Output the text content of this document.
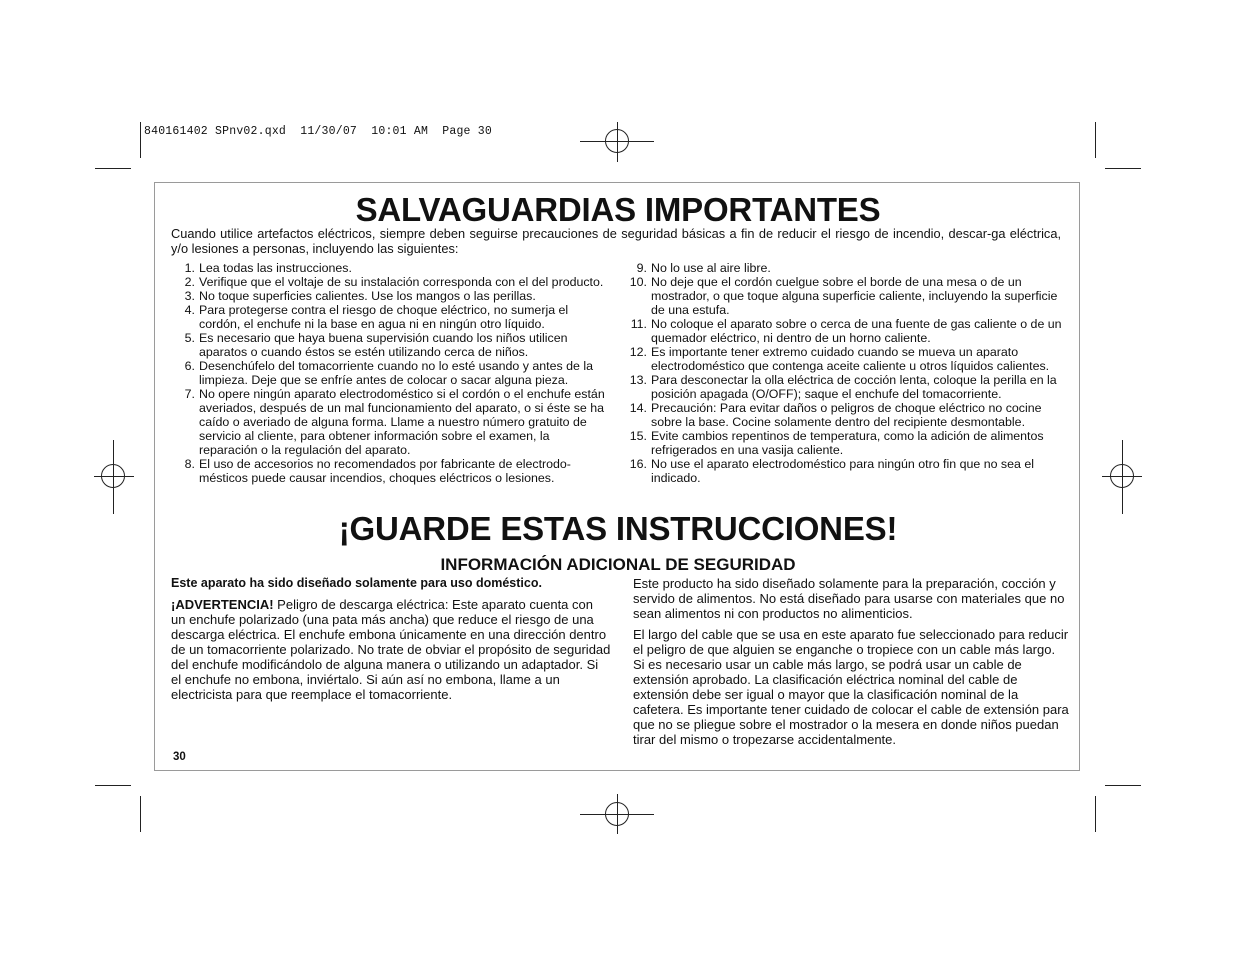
840161402 SPnv02.qxd  11/30/07  10:01 AM  Page 30
SALVAGUARDIAS IMPORTANTES
Cuando utilice artefactos eléctricos, siempre deben seguirse precauciones de seguridad básicas a fin de reducir el riesgo de incendio, descar-ga eléctrica, y/o lesiones a personas, incluyendo las siguientes:
1. Lea todas las instrucciones.
2. Verifique que el voltaje de su instalación corresponda con el del producto.
3. No toque superficies calientes. Use los mangos o las perillas.
4. Para protegerse contra el riesgo de choque eléctrico, no sumerja el cordón, el enchufe ni la base en agua ni en ningún otro líquido.
5. Es necesario que haya buena supervisión cuando los niños utilicen aparatos o cuando éstos se estén utilizando cerca de niños.
6. Desenchúfelo del tomacorriente cuando no lo esté usando y antes de la limpieza. Deje que se enfríe antes de colocar o sacar alguna pieza.
7. No opere ningún aparato electrodoméstico si el cordón o el enchufe están averiados, después de un mal funcionamiento del aparato, o si éste se ha caído o averiado de alguna forma. Llame a nuestro número gratuito de servicio al cliente, para obtener información sobre el examen, la reparación o la regulación del aparato.
8. El uso de accesorios no recomendados por fabricante de electrodo-mésticos puede causar incendios, choques eléctricos o lesiones.
9. No lo use al aire libre.
10. No deje que el cordón cuelgue sobre el borde de una mesa o de un mostrador, o que toque alguna superficie caliente, incluyendo la superficie de una estufa.
11. No coloque el aparato sobre o cerca de una fuente de gas caliente o de un quemador eléctrico, ni dentro de un horno caliente.
12. Es importante tener extremo cuidado cuando se mueva un aparato electrodoméstico que contenga aceite caliente u otros líquidos calientes.
13. Para desconectar la olla eléctrica de cocción lenta, coloque la perilla en la posición apagada (O/OFF); saque el enchufe del tomacorriente.
14. Precaución: Para evitar daños o peligros de choque eléctrico no cocine sobre la base. Cocine solamente dentro del recipiente desmontable.
15. Evite cambios repentinos de temperatura, como la adición de alimentos refrigerados en una vasija caliente.
16. No use el aparato electrodoméstico para ningún otro fin que no sea el indicado.
¡GUARDE ESTAS INSTRUCCIONES!
INFORMACIÓN ADICIONAL DE SEGURIDAD

Este aparato ha sido diseñado solamente para uso doméstico.

¡ADVERTENCIA! Peligro de descarga eléctrica: Este aparato cuenta con un enchufe polarizado (una pata más ancha) que reduce el riesgo de una descarga eléctrica. El enchufe embona únicamente en una dirección dentro de un tomacorriente polarizado. No trate de obviar el propósito de seguridad del enchufe modificándolo de alguna manera o utilizando un adaptador. Si el enchufe no embona, inviértalo. Si aún así no embona, llame a un electricista para que reemplace el tomacorriente.

Este producto ha sido diseñado solamente para la preparación, cocción y servido de alimentos. No está diseñado para usarse con materiales que no sean alimentos ni con productos no alimenticios.

El largo del cable que se usa en este aparato fue seleccionado para reducir el peligro de que alguien se enganche o tropiece con un cable más largo. Si es necesario usar un cable más largo, se podrá usar un cable de extensión aprobado. La clasificación eléctrica nominal del cable de extensión debe ser igual o mayor que la clasificación nominal de la cafetera. Es importante tener cuidado de colocar el cable de extensión para que no se pliegue sobre el mostrador o la mesera en donde niños puedan tirar del mismo o tropezarse accidentalmente.

30
